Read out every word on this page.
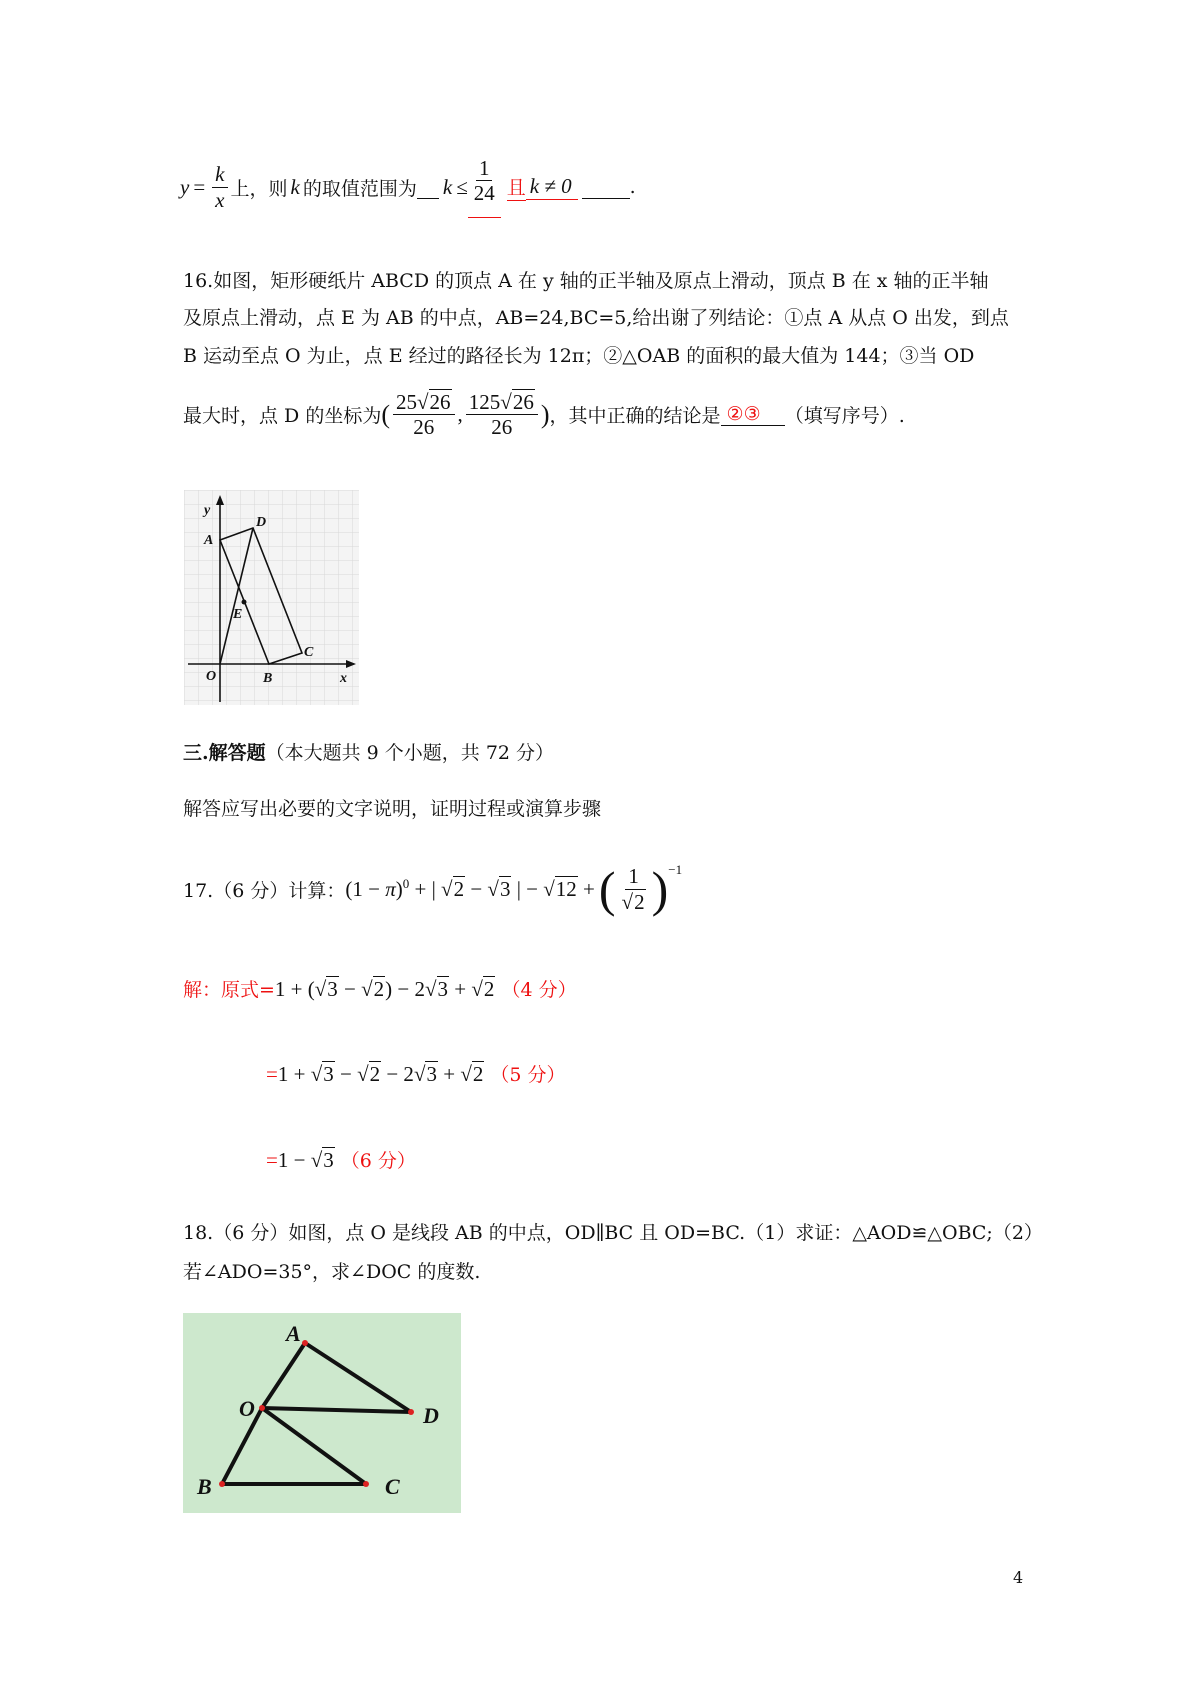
$y = \frac{k}{x}$ 上，则 k 的取值范围为
$k \le \frac{1}{24}$ 且 k ≠ 0
	.
16.如图，矩形硬纸片 ABCD 的顶点 A 在 y 轴的正半轴及原点上滑动，顶点 B 在 x 轴的正半轴
及原点上滑动，点 E 为 AB 的中点，AB=24,BC=5,给出谢了列结论：①点 A 从点 O 出发，到点
B 运动至点 O 为止，点 E 经过的路径长为 12π；②△OAB 的面积的最大值为 144；③当 OD
最大时，点 D 的坐标为 ( $\frac{25√26}{26}$ , $\frac{125√26}{26}$ ) ，其中正确的结论是 ②③	（填写序号）.
y
A
D
E
O	B
C
x
三.解答题（本大题共 9 个小题，共 72 分）
解答应写出必要的文字说明，证明过程或演算步骤
17.（6 分）计算： $(1 - \pi)^0$ + | √2 − √3 | − √12 + ( $\frac{1}{√2}$ ) −1
解：原式=1 + (√3 − √2) − 2√3 + √2 （4 分）
=1 + √3 − √2 − 2√3 + √2 （5 分）
=1 − √3 （6 分）
18.（6 分）如图，点 O 是线段 AB 的中点，OD∥BC 且 OD=BC.（1）求证：△AOD≌△OBC;（2）
若∠ADO=35°，求∠DOC 的度数.
A
O	D
B	C
4
